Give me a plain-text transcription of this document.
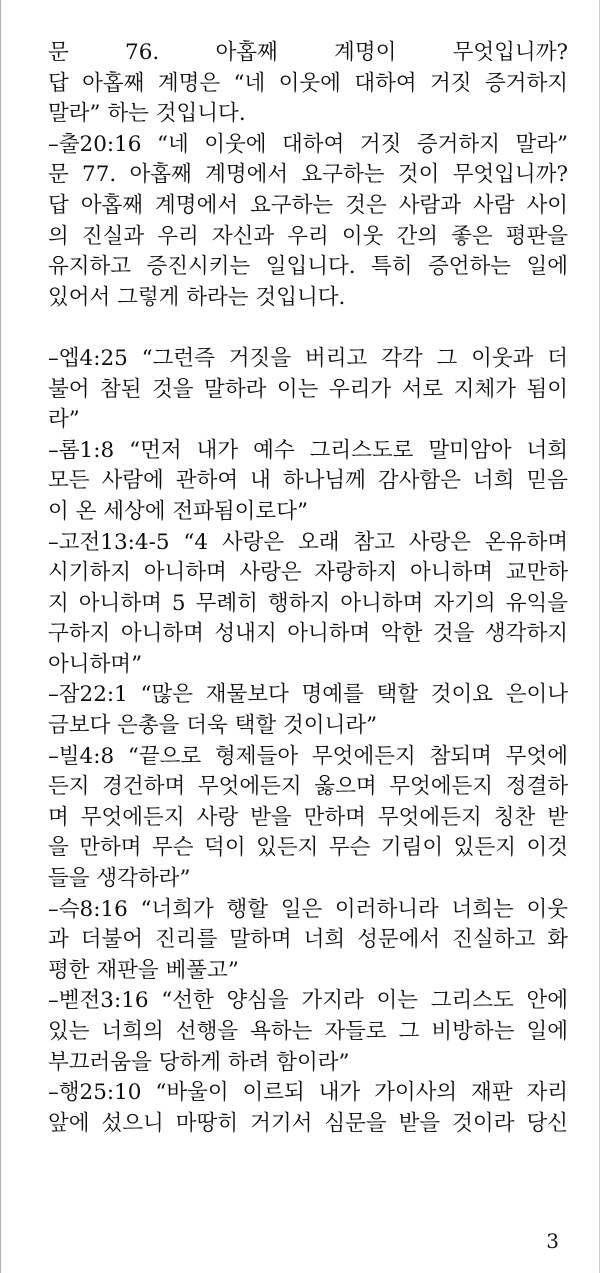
문 76. 아홉째 계명이 무엇입니까?
답 아홉째 계명은 “네 이웃에 대하여 거짓 증거하지
말라” 하는 것입니다.
–출20:16 “네 이웃에 대하여 거짓 증거하지 말라”
문 77. 아홉째 계명에서 요구하는 것이 무엇입니까?
답 아홉째 계명에서 요구하는 것은 사람과 사람 사이
의 진실과 우리 자신과 우리 이웃 간의 좋은 평판을
유지하고 증진시키는 일입니다. 특히 증언하는 일에
있어서 그렇게 하라는 것입니다.
–엡4:25 “그런즉 거짓을 버리고 각각 그 이웃과 더
불어 참된 것을 말하라 이는 우리가 서로 지체가 됨이
라”
–롬1:8 “먼저 내가 예수 그리스도로 말미암아 너희
모든 사람에 관하여 내 하나님께 감사함은 너희 믿음
이 온 세상에 전파됨이로다”
–고전13:4-5 “4 사랑은 오래 참고 사랑은 온유하며
시기하지 아니하며 사랑은 자랑하지 아니하며 교만하
지 아니하며 5 무례히 행하지 아니하며 자기의 유익을
구하지 아니하며 성내지 아니하며 악한 것을 생각하지
아니하며”
–잠22:1 “많은 재물보다 명예를 택할 것이요 은이나
금보다 은총을 더욱 택할 것이니라”
–빌4:8 “끝으로 형제들아 무엇에든지 참되며 무엇에
든지 경건하며 무엇에든지 옳으며 무엇에든지 정결하
며 무엇에든지 사랑 받을 만하며 무엇에든지 칭찬 받
을 만하며 무슨 덕이 있든지 무슨 기림이 있든지 이것
들을 생각하라”
–슥8:16 “너희가 행할 일은 이러하니라 너희는 이웃
과 더불어 진리를 말하며 너희 성문에서 진실하고 화
평한 재판을 베풀고”
–벧전3:16 “선한 양심을 가지라 이는 그리스도 안에
있는 너희의 선행을 욕하는 자들로 그 비방하는 일에
부끄러움을 당하게 하려 함이라”
–행25:10 “바울이 이르되 내가 가이사의 재판 자리
앞에 섰으니 마땅히 거기서 심문을 받을 것이라 당신
3
